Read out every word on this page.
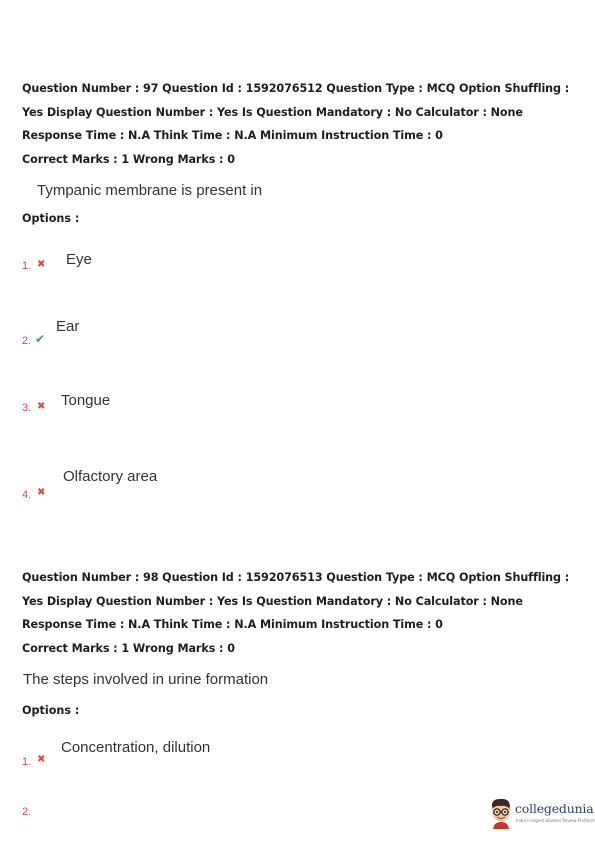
Question Number : 97 Question Id : 1592076512 Question Type : MCQ Option Shuffling : Yes Display Question Number : Yes Is Question Mandatory : No Calculator : None Response Time : N.A Think Time : N.A Minimum Instruction Time : 0
Correct Marks : 1 Wrong Marks : 0
Tympanic membrane is present in
Options :
1. ✖ Eye
Ear
2. ✔
3. ✖ Tongue
Olfactory area
4. ✖
Question Number : 98 Question Id : 1592076513 Question Type : MCQ Option Shuffling : Yes Display Question Number : Yes Is Question Mandatory : No Calculator : None Response Time : N.A Think Time : N.A Minimum Instruction Time : 0
Correct Marks : 1 Wrong Marks : 0
The steps involved in urine formation
Options :
Concentration, dilution
1. ✖
2.	collegedunia
India's largest Student Review Platform
